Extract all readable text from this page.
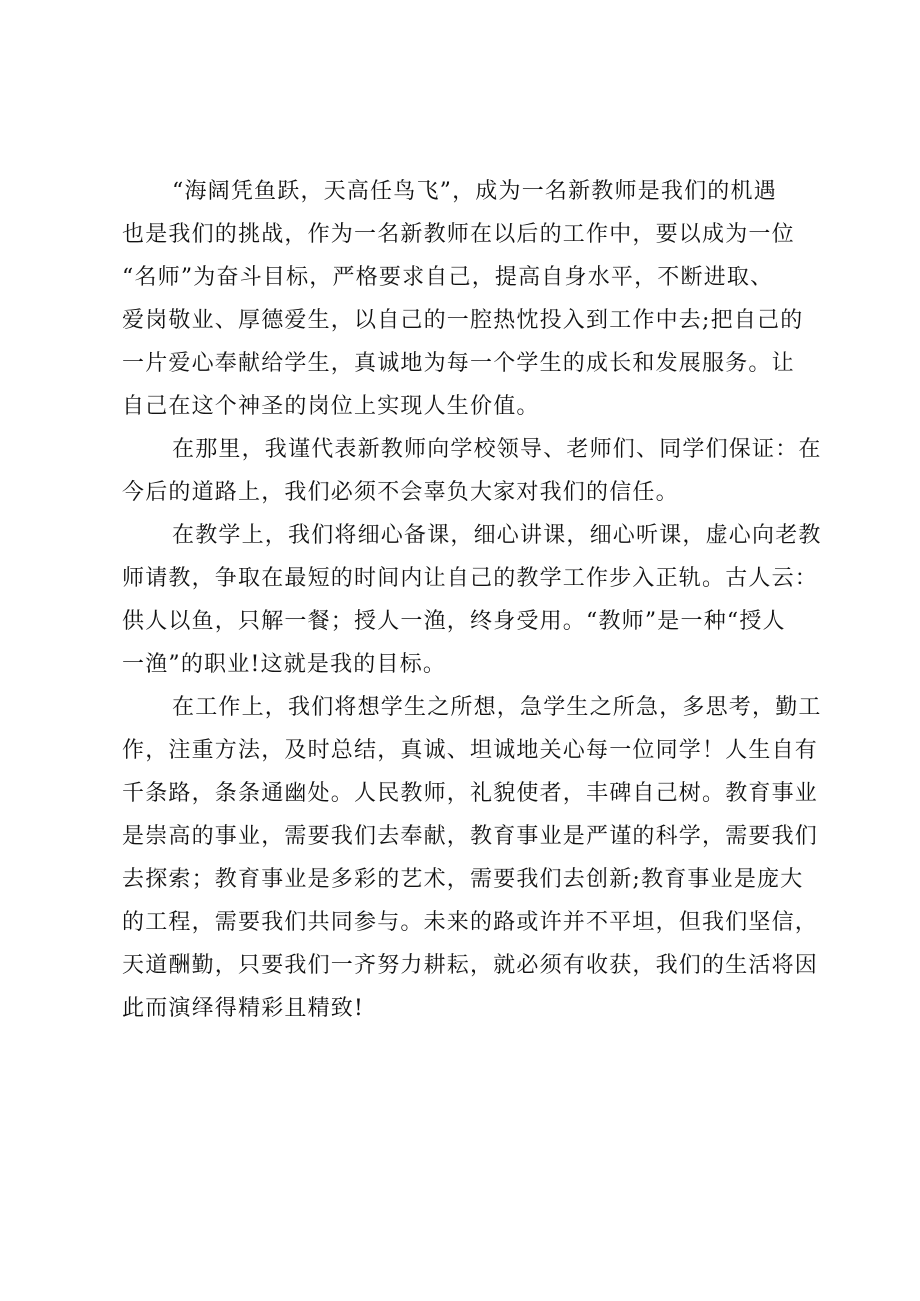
“海阔凭鱼跃，天高任鸟飞”，成为一名新教师是我们的机遇
也是我们的挑战，作为一名新教师在以后的工作中，要以成为一位
“名师”为奋斗目标，严格要求自己，提高自身水平，不断进取、
爱岗敬业、厚德爱生，以自己的一腔热忱投入到工作中去;把自己的
一片爱心奉献给学生，真诚地为每一个学生的成长和发展服务。让
自己在这个神圣的岗位上实现人生价值。
在那里，我谨代表新教师向学校领导、老师们、同学们保证：在
今后的道路上，我们必须不会辜负大家对我们的信任。
在教学上，我们将细心备课，细心讲课，细心听课，虚心向老教
师请教，争取在最短的时间内让自己的教学工作步入正轨。古人云：
供人以鱼，只解一餐；授人一渔，终身受用。“教师”是一种“授人
一渔”的职业!这就是我的目标。
在工作上，我们将想学生之所想，急学生之所急，多思考，勤工
作，注重方法，及时总结，真诚、坦诚地关心每一位同学！人生自有
千条路，条条通幽处。人民教师，礼貌使者，丰碑自己树。教育事业
是崇高的事业，需要我们去奉献，教育事业是严谨的科学，需要我们
去探索；教育事业是多彩的艺术，需要我们去创新;教育事业是庞大
的工程，需要我们共同参与。未来的路或许并不平坦，但我们坚信，
天道酬勤，只要我们一齐努力耕耘，就必须有收获，我们的生活将因
此而演绎得精彩且精致!
